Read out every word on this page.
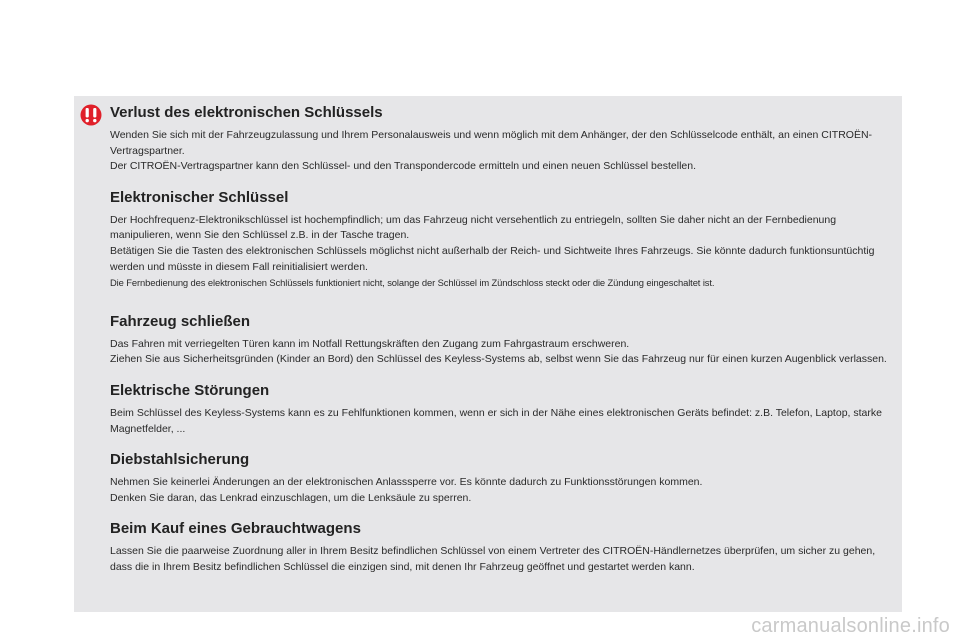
Verlust des elektronischen Schlüssels

Wenden Sie sich mit der Fahrzeugzulassung und Ihrem Personalausweis und wenn möglich mit dem Anhänger, der den Schlüsselcode enthält, an einen CITROËN-Vertragspartner.

Der CITROËN-Vertragspartner kann den Schlüssel- und den Transpondercode ermitteln und einen neuen Schlüssel bestellen.

Elektronischer Schlüssel

Der Hochfrequenz-Elektronikschlüssel ist hochempfindlich; um das Fahrzeug nicht versehentlich zu entriegeln, sollten Sie daher nicht an der Fernbedienung manipulieren, wenn Sie den Schlüssel z.B. in der Tasche tragen.

Betätigen Sie die Tasten des elektronischen Schlüssels möglichst nicht außerhalb der Reich- und Sichtweite Ihres Fahrzeugs. Sie könnte dadurch funktionsuntüchtig werden und müsste in diesem Fall reinitialisiert werden.

Die Fernbedienung des elektronischen Schlüssels funktioniert nicht, solange der Schlüssel im Zündschloss steckt oder die Zündung eingeschaltet ist.

Fahrzeug schließen

Das Fahren mit verriegelten Türen kann im Notfall Rettungskräften den Zugang zum Fahrgastraum erschweren.

Ziehen Sie aus Sicherheitsgründen (Kinder an Bord) den Schlüssel des Keyless-Systems ab, selbst wenn Sie das Fahrzeug nur für einen kurzen Augenblick verlassen.

Elektrische Störungen

Beim Schlüssel des Keyless-Systems kann es zu Fehlfunktionen kommen, wenn er sich in der Nähe eines elektronischen Geräts befindet: z.B. Telefon, Laptop, starke Magnetfelder, ...

Diebstahlsicherung

Nehmen Sie keinerlei Änderungen an der elektronischen Anlasssperre vor. Es könnte dadurch zu Funktionsstörungen kommen.

Denken Sie daran, das Lenkrad einzuschlagen, um die Lenksäule zu sperren.

Beim Kauf eines Gebrauchtwagens

Lassen Sie die paarweise Zuordnung aller in Ihrem Besitz befindlichen Schlüssel von einem Vertreter des CITROËN-Händlernetzes überprüfen, um sicher zu gehen, dass die in Ihrem Besitz befindlichen Schlüssel die einzigen sind, mit denen Ihr Fahrzeug geöffnet und gestartet werden kann.

carmanualsonline.info
